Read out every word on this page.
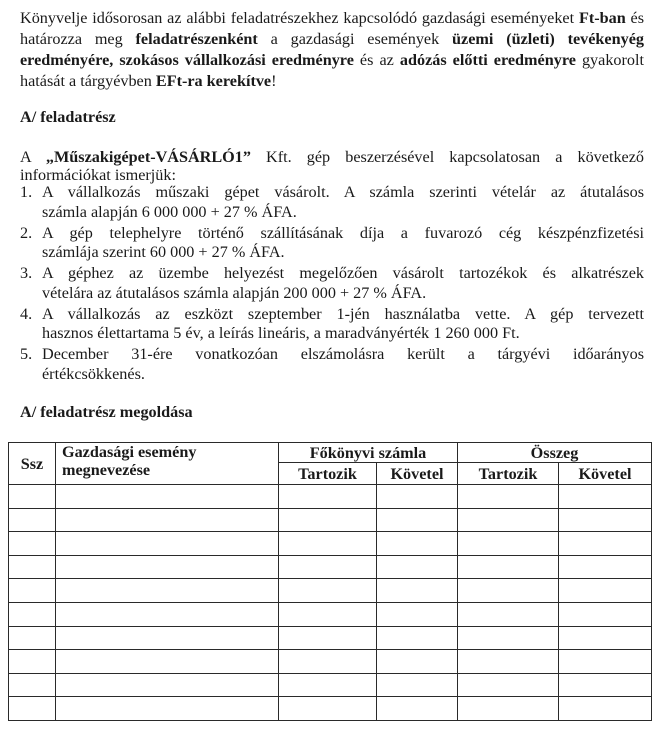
Könyvelje idősorosan az alábbi feladatrészekhez kapcsolódó gazdasági eseményeket Ft-ban és határozza meg feladatrészenként a gazdasági események üzemi (üzleti) tevékenyég eredményére, szokásos vállalkozási eredményre és az adózás előtti eredményre gyakorolt hatását a tárgyévben EFt-ra kerekítve!
A/ feladatrész
A „Műszakigépet-VÁSÁRLÓ1” Kft. gép beszerzésével kapcsolatosan a következő
információkat ismerjük:
1. A vállalkozás műszaki gépet vásárolt. A számla szerinti vételár az átutalásos
számla alapján 6 000 000 + 27 % ÁFA.
2. A gép telephelyre történő szállításának díja a fuvarozó cég készpénzfizetési
számlája szerint 60 000 + 27 % ÁFA.
3. A géphez az üzembe helyezést megelőzően vásárolt tartozékok és alkatrészek
vételára az átutalásos számla alapján 200 000 + 27 % ÁFA.
4. A vállalkozás az eszközt szeptember 1-jén használatba vette. A gép tervezett
hasznos élettartama 5 év, a leírás lineáris, a maradványérték 1 260 000 Ft.
5. December 31-ére vonatkozóan elszámolásra került a tárgyévi időarányos
értékcsökkenés.
A/ feladatrész megoldása
Ssz	Gazdasági esemény megnevezése	Főkönyvi számla		Összeg	
		Tartozik	Követel	Tartozik	Követel
